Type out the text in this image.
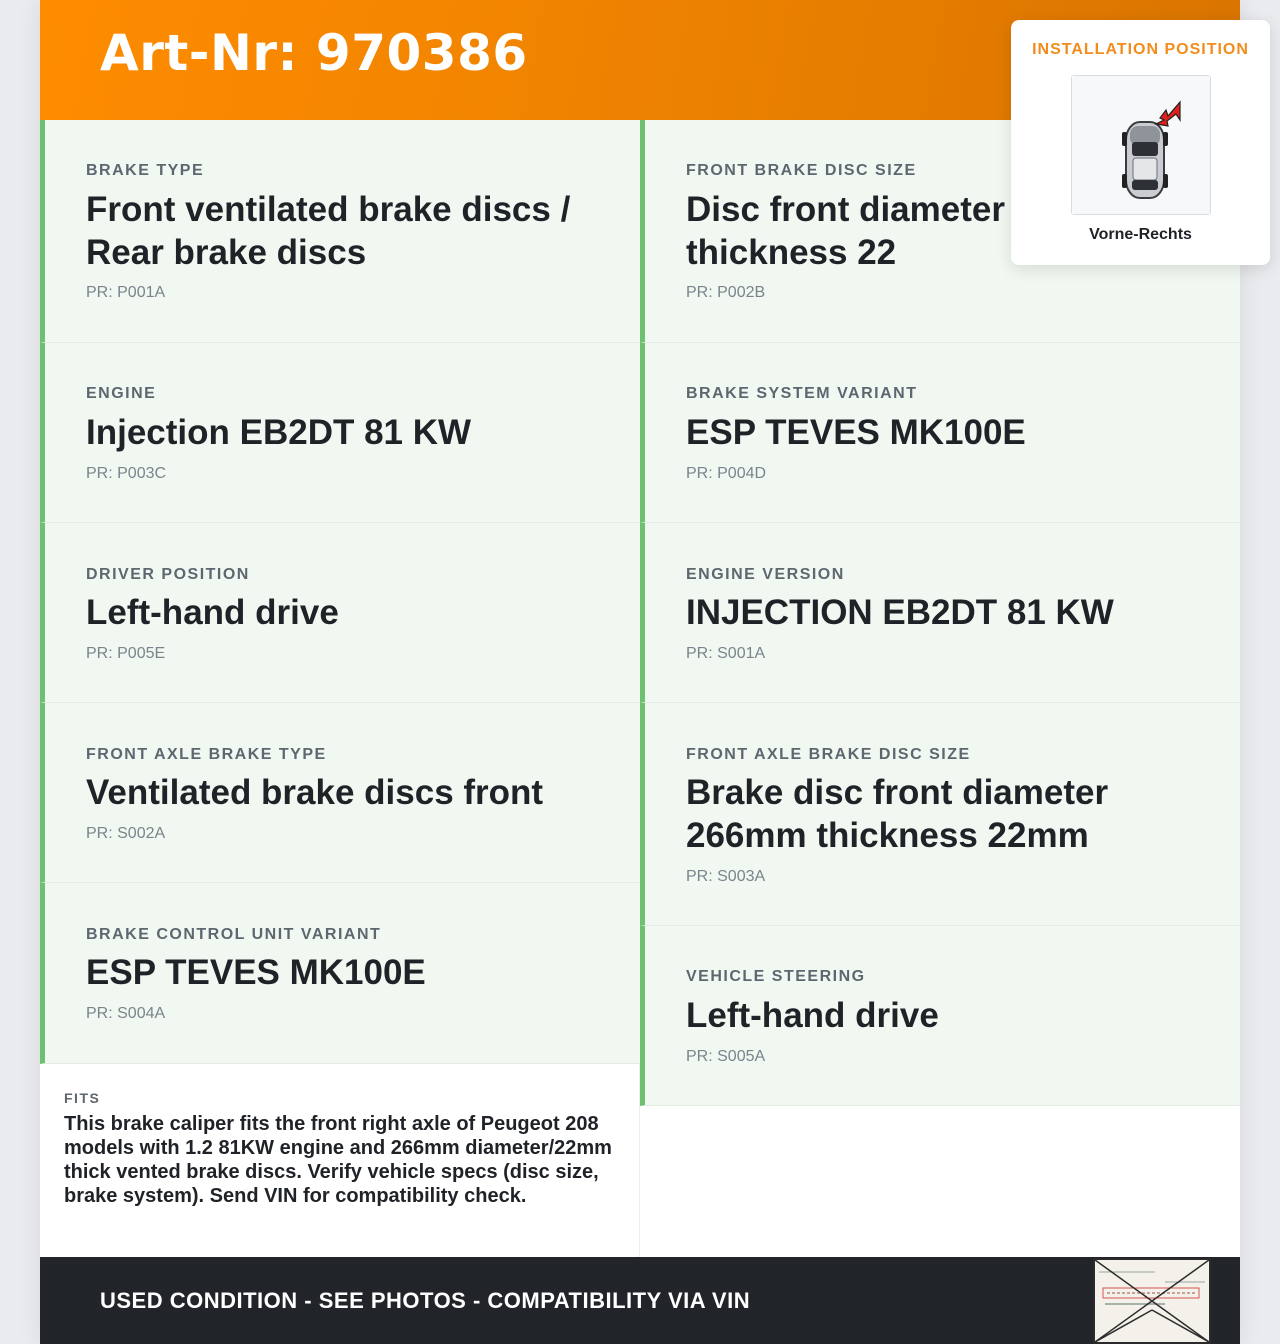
Art-Nr: 970386
BRAKE TYPE
Front ventilated brake discs / Rear brake discs
PR: P001A
ENGINE
Injection EB2DT 81 KW
PR: P003C
DRIVER POSITION
Left-hand drive
PR: P005E
FRONT AXLE BRAKE TYPE
Ventilated brake discs front
PR: S002A
BRAKE CONTROL UNIT VARIANT
ESP TEVES MK100E
PR: S004A
FRONT BRAKE DISC SIZE
Disc front diameter thickness 22
PR: P002B
BRAKE SYSTEM VARIANT
ESP TEVES MK100E
PR: P004D
ENGINE VERSION
INJECTION EB2DT 81 KW
PR: S001A
FRONT AXLE BRAKE DISC SIZE
Brake disc front diameter 266mm thickness 22mm
PR: S003A
VEHICLE STEERING
Left-hand drive
PR: S005A
FITS
This brake caliper fits the front right axle of Peugeot 208 models with 1.2 81KW engine and 266mm diameter/22mm thick vented brake discs. Verify vehicle specs (disc size, brake system). Send VIN for compatibility check.
USED CONDITION - SEE PHOTOS - COMPATIBILITY VIA VIN
INSTALLATION POSITION
Vorne-Rechts
